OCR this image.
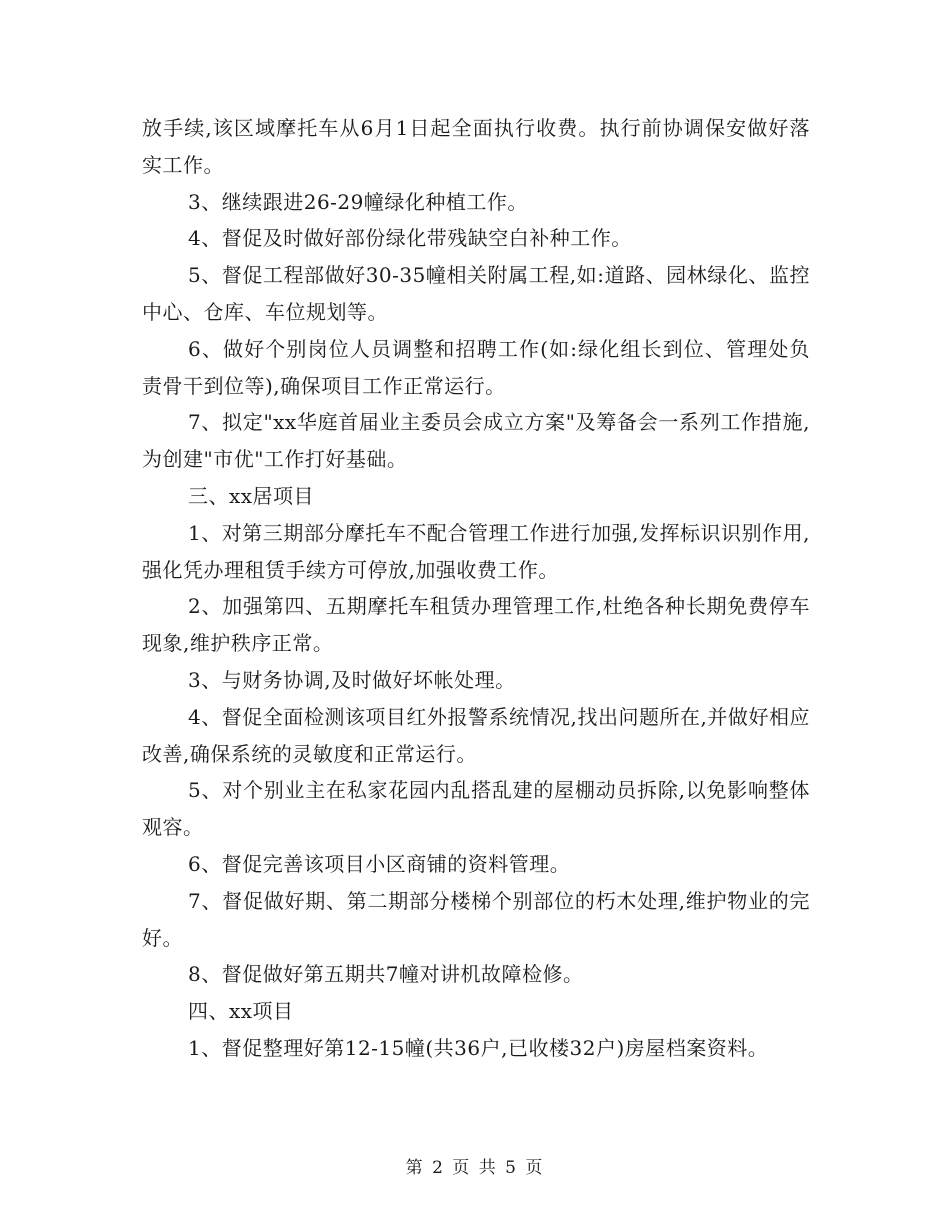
放手续,该区域摩托车从6月1日起全面执行收费。执行前协调保安做好落实工作。

3、继续跟进26-29幢绿化种植工作。

4、督促及时做好部份绿化带残缺空白补种工作。

5、督促工程部做好30-35幢相关附属工程,如:道路、园林绿化、监控中心、仓库、车位规划等。

6、做好个别岗位人员调整和招聘工作(如:绿化组长到位、管理处负责骨干到位等),确保项目工作正常运行。

7、拟定"xx华庭首届业主委员会成立方案"及筹备会一系列工作措施,为创建"市优"工作打好基础。

三、xx居项目

1、对第三期部分摩托车不配合管理工作进行加强,发挥标识识别作用,强化凭办理租赁手续方可停放,加强收费工作。

2、加强第四、五期摩托车租赁办理管理工作,杜绝各种长期免费停车现象,维护秩序正常。

3、与财务协调,及时做好坏帐处理。

4、督促全面检测该项目红外报警系统情况,找出问题所在,并做好相应改善,确保系统的灵敏度和正常运行。

5、对个别业主在私家花园内乱搭乱建的屋棚动员拆除,以免影响整体观容。

6、督促完善该项目小区商铺的资料管理。

7、督促做好期、第二期部分楼梯个别部位的朽木处理,维护物业的完好。

8、督促做好第五期共7幢对讲机故障检修。

四、xx项目

1、督促整理好第12-15幢(共36户,已收楼32户)房屋档案资料。

第 2 页 共 5 页
